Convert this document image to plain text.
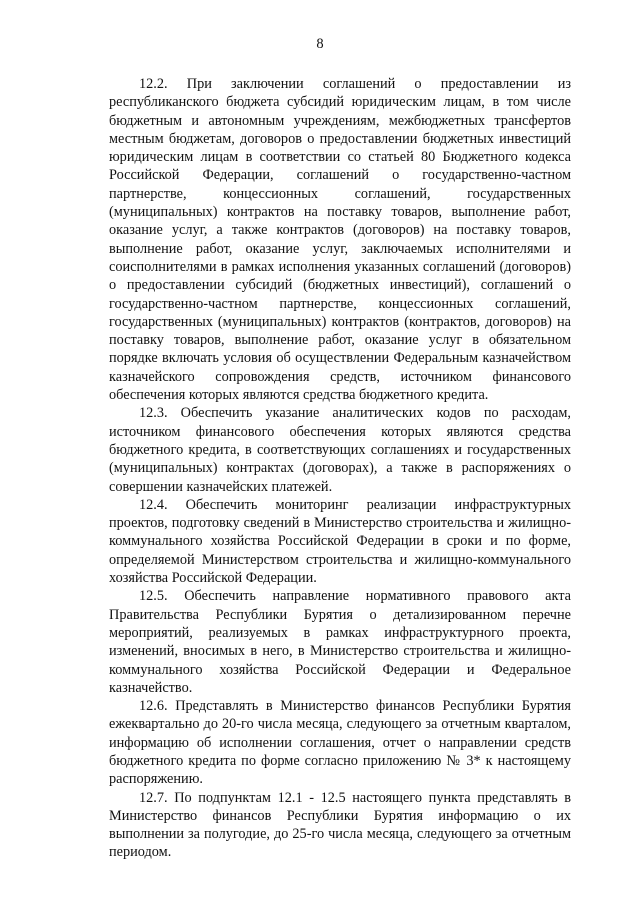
8

12.2. При заключении соглашений о предоставлении из республиканского бюджета субсидий юридическим лицам, в том числе бюджетным и автономным учреждениям, межбюджетных трансфертов местным бюджетам, договоров о предоставлении бюджетных инвестиций юридическим лицам в соответствии со статьей 80 Бюджетного кодекса Российской Федерации, соглашений о государственно-частном партнерстве, концессионных соглашений, государственных (муниципальных) контрактов на поставку товаров, выполнение работ, оказание услуг, а также контрактов (договоров) на поставку товаров, выполнение работ, оказание услуг, заключаемых исполнителями и соисполнителями в рамках исполнения указанных соглашений (договоров) о предоставлении субсидий (бюджетных инвестиций), соглашений о государственно-частном партнерстве, концессионных соглашений, государственных (муниципальных) контрактов (контрактов, договоров) на поставку товаров, выполнение работ, оказание услуг в обязательном порядке включать условия об осуществлении Федеральным казначейством казначейского сопровождения средств, источником финансового обеспечения которых являются средства бюджетного кредита.

12.3. Обеспечить указание аналитических кодов по расходам, источником финансового обеспечения которых являются средства бюджетного кредита, в соответствующих соглашениях и государственных (муниципальных) контрактах (договорах), а также в распоряжениях о совершении казначейских платежей.

12.4. Обеспечить мониторинг реализации инфраструктурных проектов, подготовку сведений в Министерство строительства и жилищно-коммунального хозяйства Российской Федерации в сроки и по форме, определяемой Министерством строительства и жилищно-коммунального хозяйства Российской Федерации.

12.5. Обеспечить направление нормативного правового акта Правительства Республики Бурятия о детализированном перечне мероприятий, реализуемых в рамках инфраструктурного проекта, изменений, вносимых в него, в Министерство строительства и жилищно-коммунального хозяйства Российской Федерации и Федеральное казначейство.

12.6. Представлять в Министерство финансов Республики Бурятия ежеквартально до 20-го числа месяца, следующего за отчетным кварталом, информацию об исполнении соглашения, отчет о направлении средств бюджетного кредита по форме согласно приложению № 3* к настоящему распоряжению.

12.7. По подпунктам 12.1 - 12.5 настоящего пункта представлять в Министерство финансов Республики Бурятия информацию о их выполнении за полугодие, до 25-го числа месяца, следующего за отчетным периодом.
